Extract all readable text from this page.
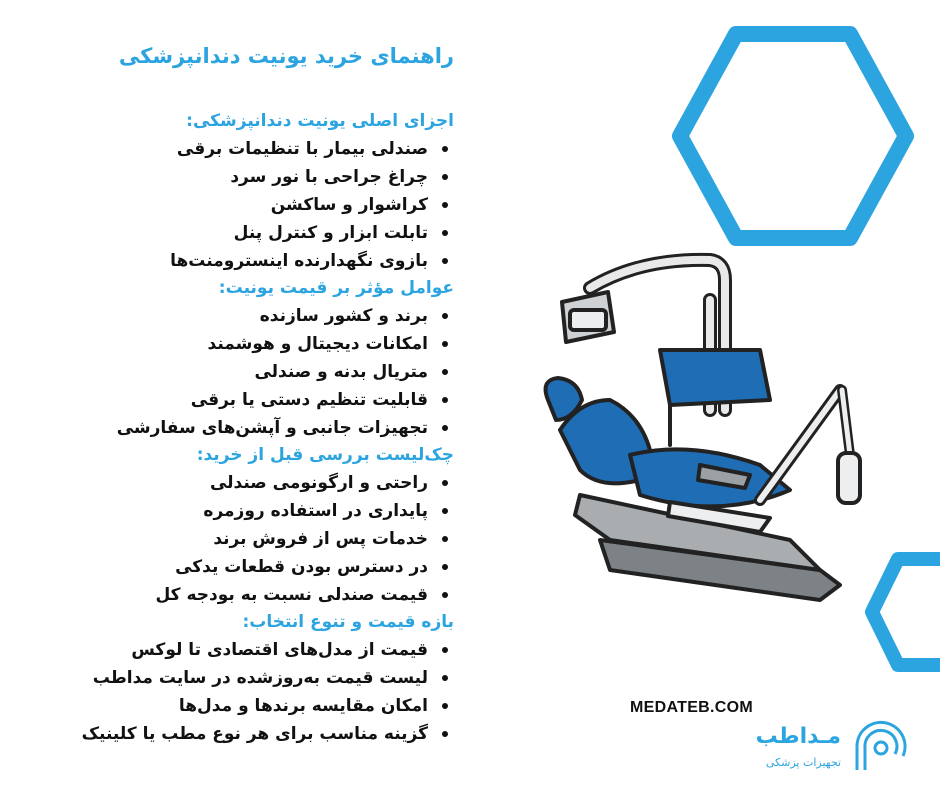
راهنمای خرید یونیت دندانپزشکی
اجزای اصلی یونیت دندانپزشکی:
صندلی بیمار با تنظیمات برقی
چراغ جراحی با نور سرد
کراشوار و ساکشن
تابلت ابزار و کنترل پنل
بازوی نگهدارنده اینسترومنت‌ها
عوامل مؤثر بر قیمت یونیت:
برند و کشور سازنده
امکانات دیجیتال و هوشمند
متریال بدنه و صندلی
قابلیت تنظیم دستی یا برقی
تجهیزات جانبی و آپشن‌های سفارشی
چک‌لیست بررسی قبل از خرید:
راحتی و ارگونومی صندلی
پایداری در استفاده روزمره
خدمات پس از فروش برند
در دسترس بودن قطعات یدکی
قیمت صندلی نسبت به بودجه کل
بازه قیمت و تنوع انتخاب:
قیمت از مدل‌های اقتصادی تا لوکس
لیست قیمت به‌روزشده در سایت مداطب
امکان مقایسه برندها و مدل‌ها
گزینه مناسب برای هر نوع مطب یا کلینیک
MEDATEB.COM
مـداطب
تجهیزات پزشکی
